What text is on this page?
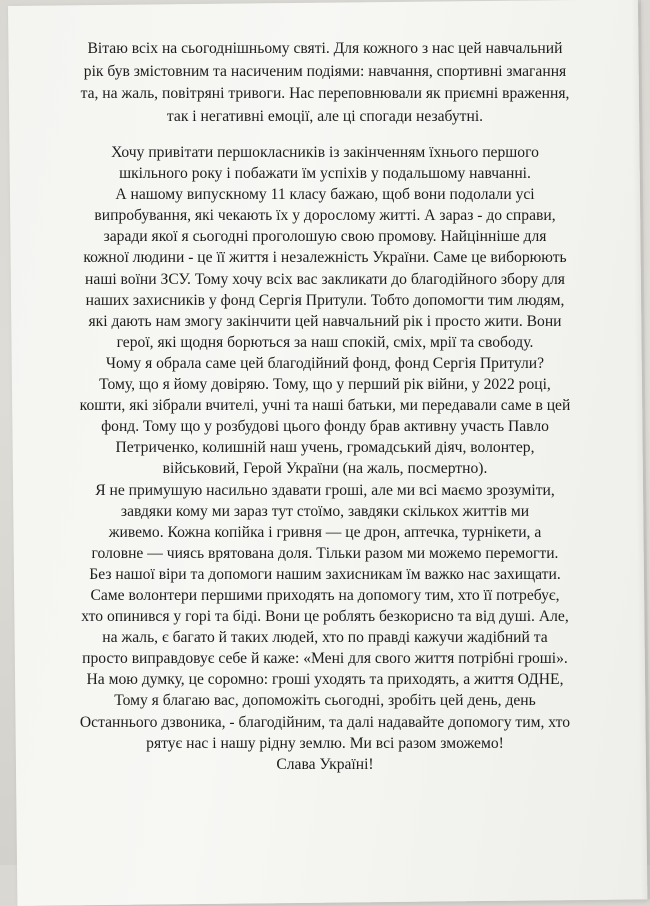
Вітаю всіх на сьогоднішньому святі. Для кожного з нас цей навчальний
рік був змістовним та насиченим подіями: навчання, спортивні змагання
та, на жаль, повітряні тривоги. Нас переповнювали як приємні враження,
так і негативні емоції, але ці спогади незабутні.
Хочу привітати першокласників із закінченням їхнього першого
шкільного року і побажати їм успіхів у подальшому навчанні.
А нашому випускному 11 класу бажаю, щоб вони подолали усі
випробування, які чекають їх у дорослому житті. А зараз - до справи,
заради якої я сьогодні проголошую свою промову. Найцінніше для
кожної людини - це її життя і незалежність України. Саме це виборюють
наші воїни ЗСУ. Тому хочу всіх вас закликати до благодійного збору для
наших захисників у фонд Сергія Притули. Тобто допомогти тим людям,
які дають нам змогу закінчити цей навчальний рік і просто жити. Вони
герої, які щодня борються за наш спокій, сміх, мрії та свободу.
Чому я обрала саме цей благодійний фонд, фонд Сергія Притули?
Тому, що я йому довіряю. Тому, що у перший рік війни, у 2022 році,
кошти, які зібрали вчителі, учні та наші батьки, ми передавали саме в цей
фонд. Тому що у розбудові цього фонду брав активну участь Павло
Петриченко, колишній наш учень, громадський діяч, волонтер,
військовий, Герой України (на жаль, посмертно).
Я не примушую насильно здавати гроші, але ми всі маємо зрозуміти,
завдяки кому ми зараз тут стоїмо, завдяки скількох життів ми
живемо. Кожна копійка і гривня — це дрон, аптечка, турнікети, а
головне — чиясь врятована доля. Тільки разом ми можемо перемогти.
Без нашої віри та допомоги нашим захисникам їм важко нас захищати.
Саме волонтери першими приходять на допомогу тим, хто її потребує,
хто опинився у горі та біді. Вони це роблять безкорисно та від душі. Але,
на жаль, є багато й таких людей, хто по правді кажучи жадібний та
просто виправдовує себе й каже: «Мені для свого життя потрібні гроші».
На мою думку, це соромно: гроші уходять та приходять, а життя ОДНЕ,
Тому я благаю вас, допоможіть сьогодні, зробіть цей день, день
Останнього дзвоника, - благодійним, та далі надавайте допомогу тим, хто
рятує нас і нашу рідну землю. Ми всі разом зможемо!
Слава Україні!
